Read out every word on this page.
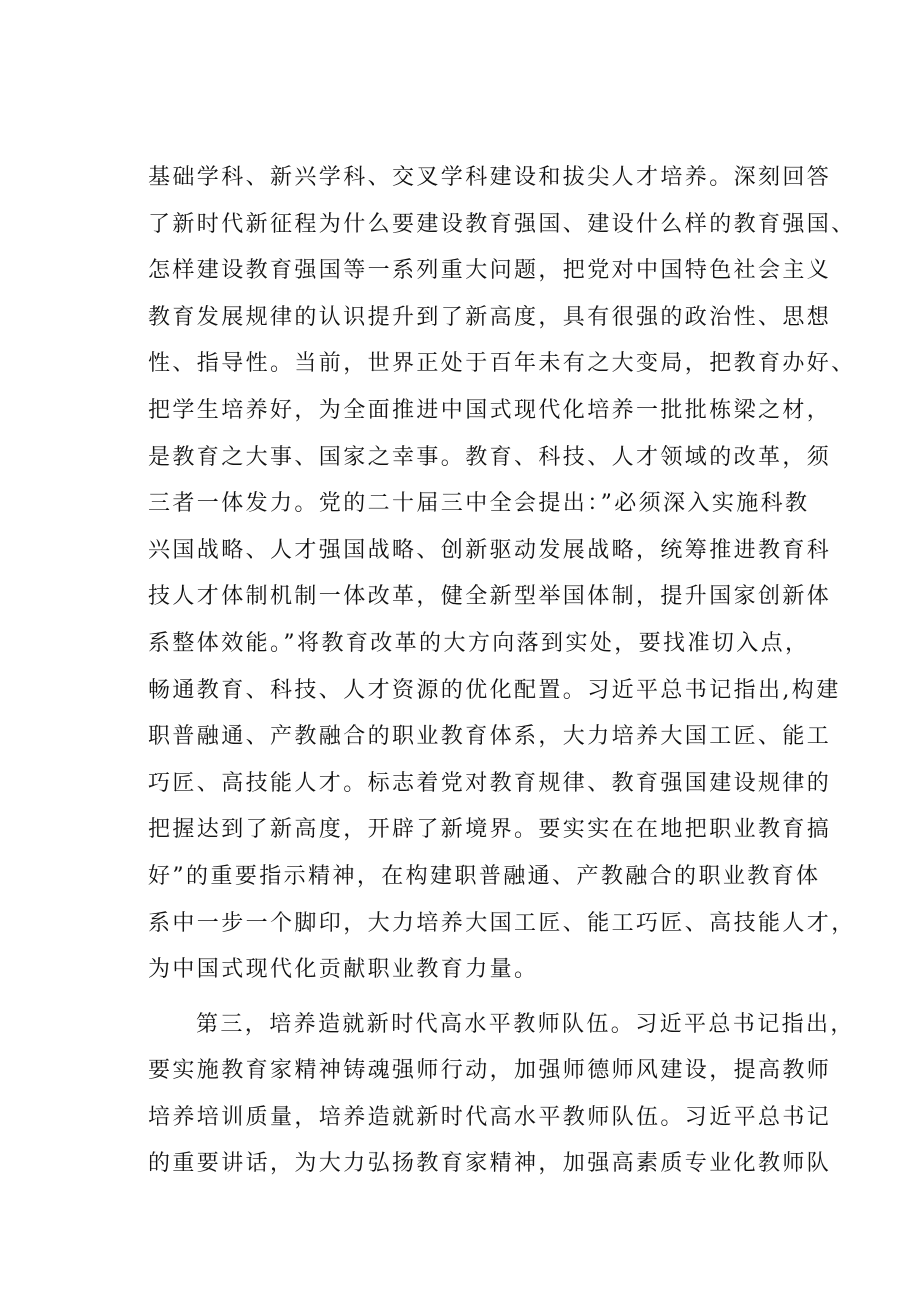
基础学科、新兴学科、交叉学科建设和拔尖人才培养。深刻回答
了新时代新征程为什么要建设教育强国、建设什么样的教育强国、
怎样建设教育强国等一系列重大问题，把党对中国特色社会主义
教育发展规律的认识提升到了新高度，具有很强的政治性、思想
性、指导性。当前，世界正处于百年未有之大变局，把教育办好、
把学生培养好，为全面推进中国式现代化培养一批批栋梁之材，
是教育之大事、国家之幸事。教育、科技、人才领域的改革，须
三者一体发力。党的二十届三中全会提出：”必须深入实施科教
兴国战略、人才强国战略、创新驱动发展战略，统筹推进教育科
技人才体制机制一体改革，健全新型举国体制，提升国家创新体
系整体效能。”将教育改革的大方向落到实处，要找准切入点，
畅通教育、科技、人才资源的优化配置。习近平总书记指出,构建
职普融通、产教融合的职业教育体系，大力培养大国工匠、能工
巧匠、高技能人才。标志着党对教育规律、教育强国建设规律的
把握达到了新高度，开辟了新境界。要实实在在地把职业教育搞
好”的重要指示精神，在构建职普融通、产教融合的职业教育体
系中一步一个脚印，大力培养大国工匠、能工巧匠、高技能人才，
为中国式现代化贡献职业教育力量。
第三，培养造就新时代高水平教师队伍。习近平总书记指出，
要实施教育家精神铸魂强师行动，加强师德师风建设，提高教师
培养培训质量，培养造就新时代高水平教师队伍。习近平总书记
的重要讲话，为大力弘扬教育家精神，加强高素质专业化教师队
